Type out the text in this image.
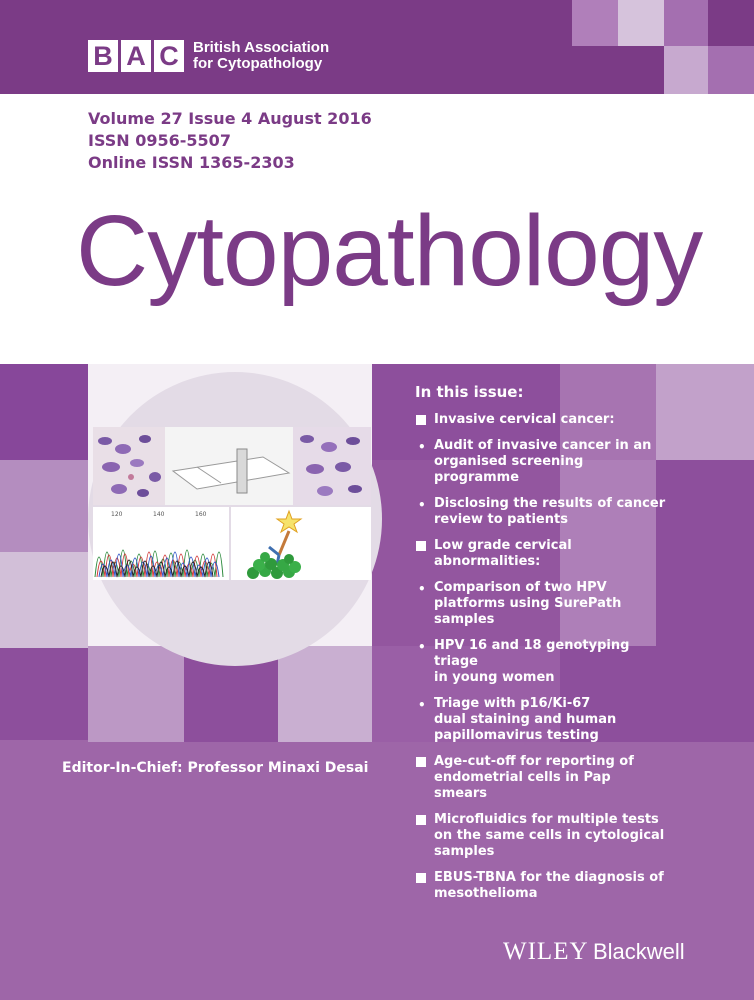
B A C British Association
for Cytopathology
Volume 27 Issue 4 August 2016
ISSN 0956-5507
Online ISSN 1365-2303
Cytopathology
120	140	160
In this issue:
Invasive cervical cancer:
• Audit of invasive cancer in an
organised screening programme
• Disclosing the results of cancer
review to patients
Low grade cervical
abnormalities:
• Comparison of two HPV
platforms using SurePath
samples
• HPV 16 and 18 genotyping triage
in young women
• Triage with p16/Ki-67
dual staining and human
papillomavirus testing
Age-cut-off for reporting of
endometrial cells in Pap smears
Microfluidics for multiple tests
on the same cells in cytological
samples
EBUS-TBNA for the diagnosis of
mesothelioma
Editor-In-Chief: Professor Minaxi Desai
WILEY Blackwell
